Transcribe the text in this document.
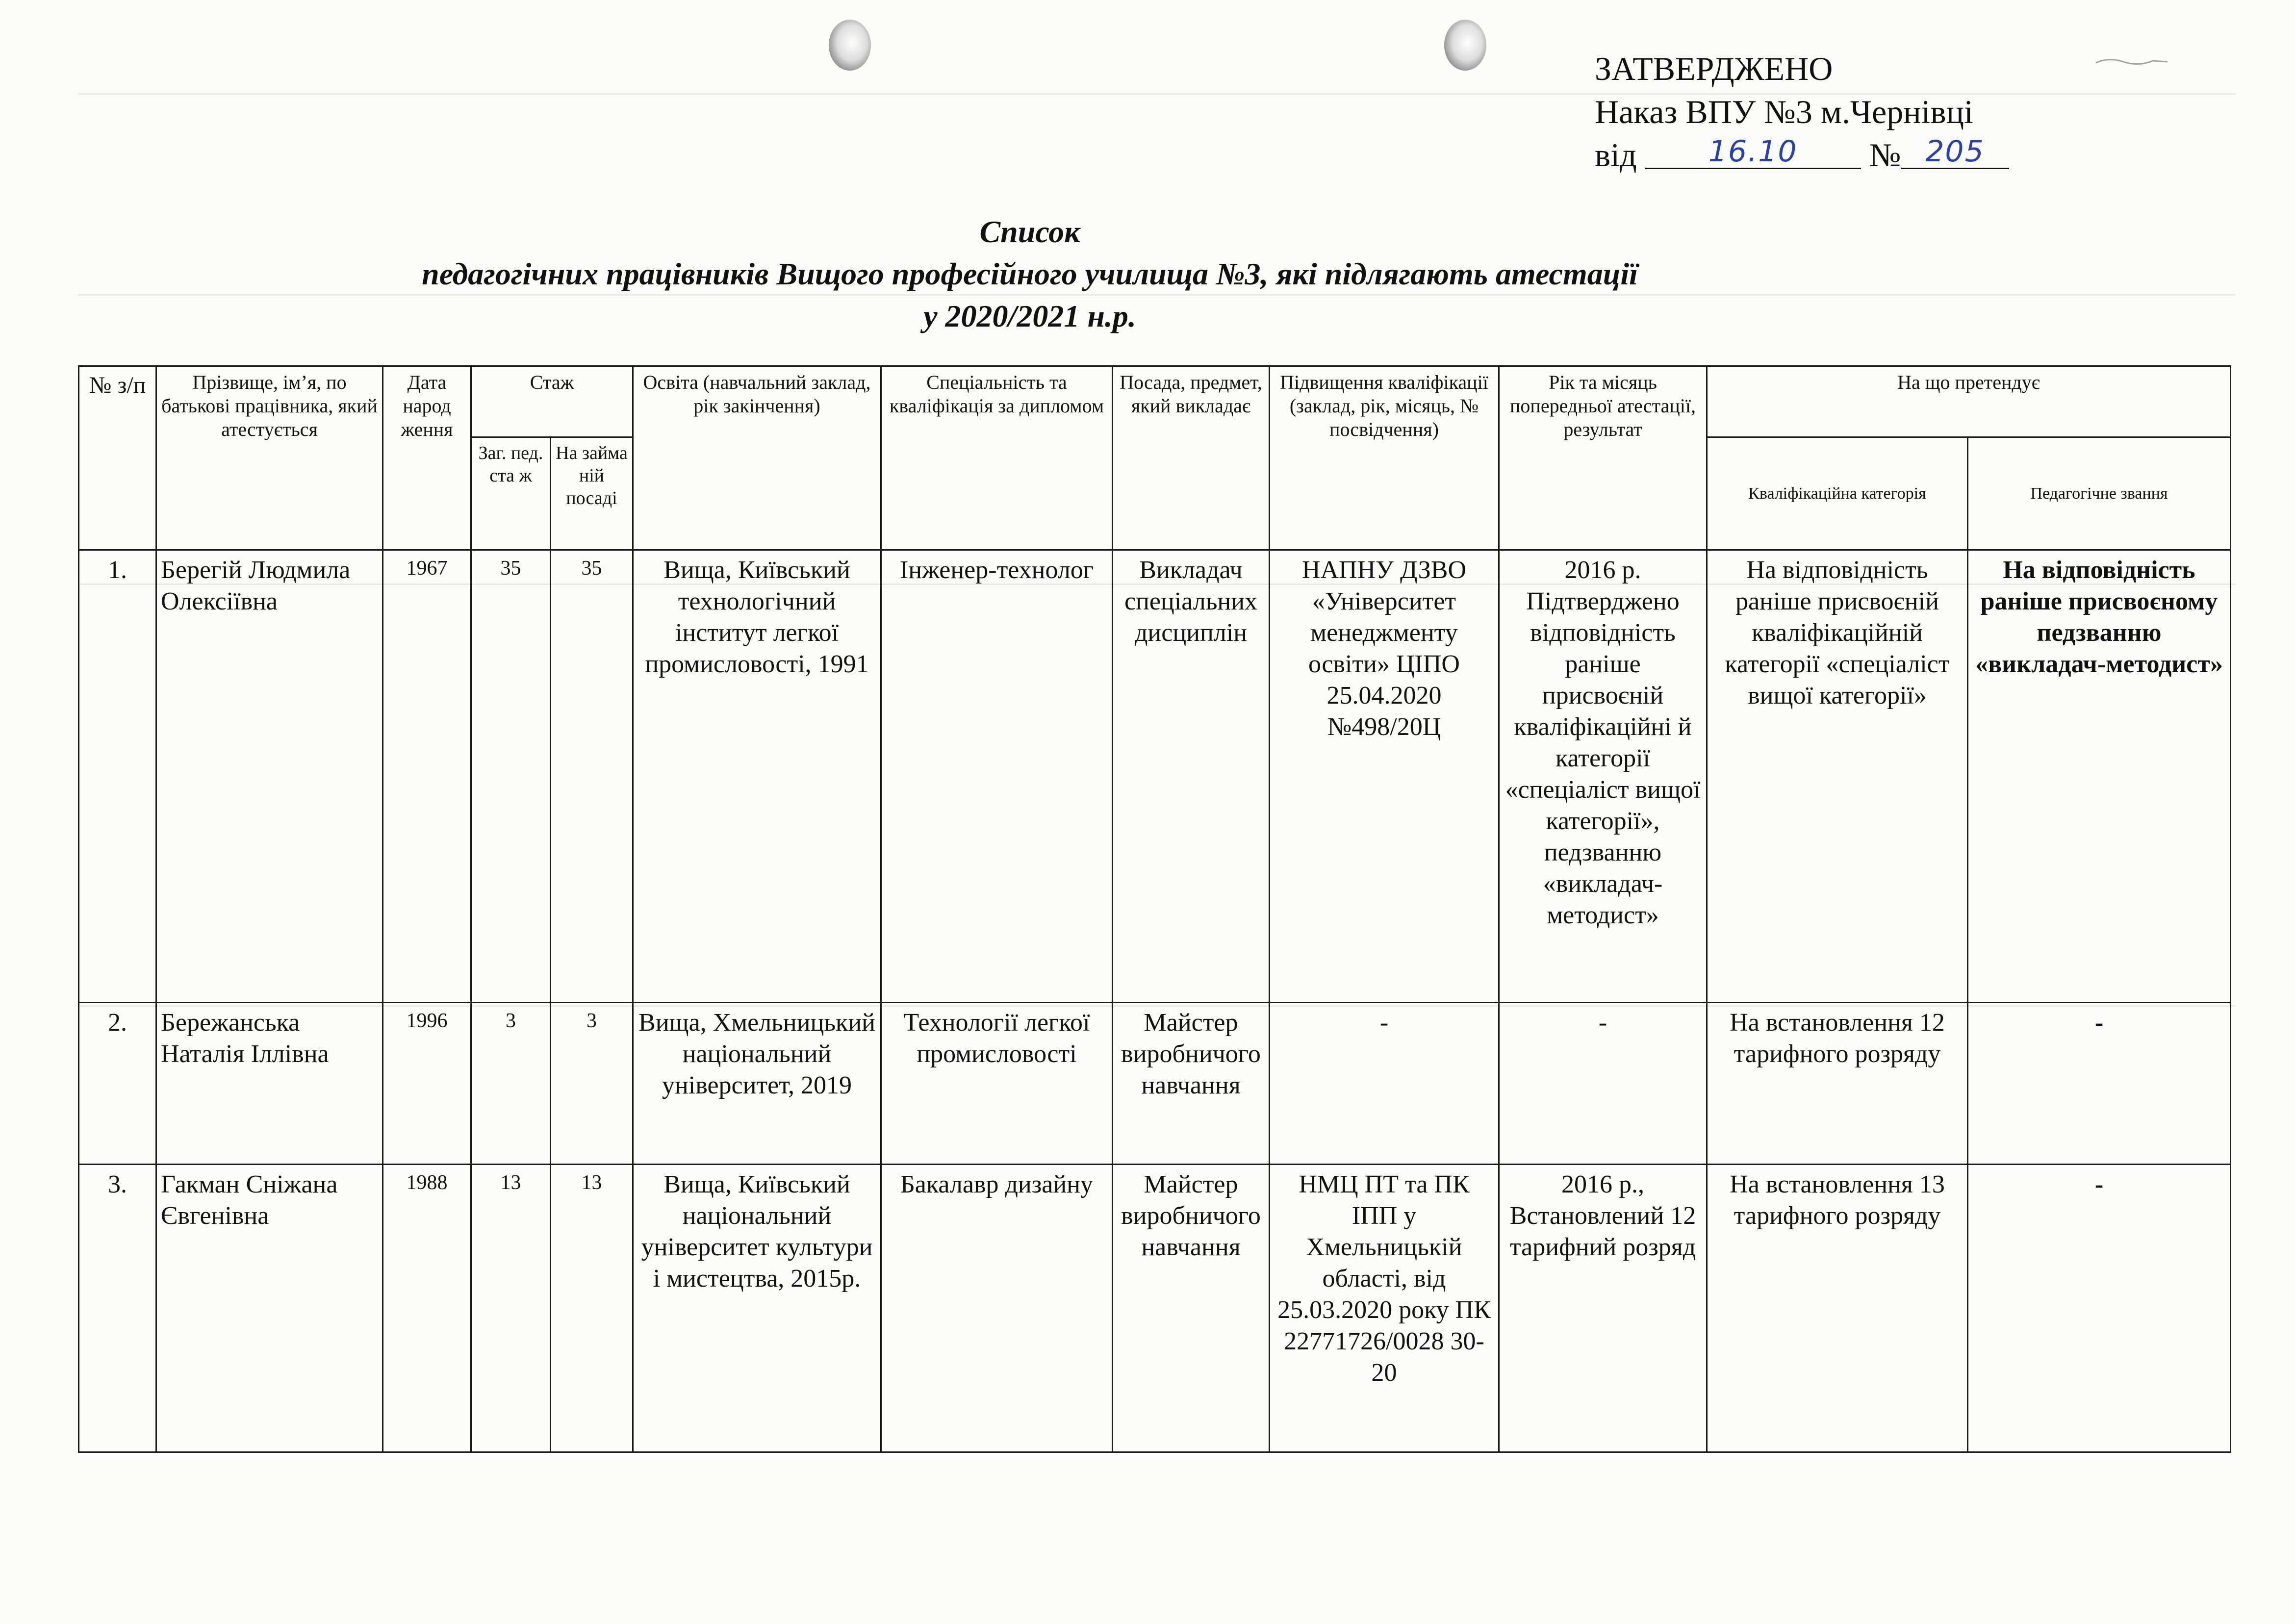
ЗАТВЕРДЖЕНО
Наказ ВПУ №3 м.Чернівці
від 16.10 № 205
Список
педагогічних працівників Вищого професійного училища №3, які підлягають атестації
у 2020/2021 н.р.
№ з/п	Прізвище, ім’я, по батькові працівника, який атестується	Дата народ ження	Стаж		Освіта (навчальний заклад, рік закінчення)	Спеціальність та кваліфікація за дипломом	Посада, предмет, який викладає	Підвищення кваліфікації (заклад, рік, місяць, № посвідчення)	Рік та місяць попередньої атестації, результат	На що претендує	
			Заг. пед. ста ж	На займа ній посаді						Кваліфікаційна категорія	Педагогічне звання
1.	Берегій Людмила Олексіївна	1967	35	35	Вища, Київський технологічний інститут легкої промисловості, 1991	Інженер-технолог	Викладач спеціальних дисциплін	НАПНУ ДЗВО «Університет менеджменту освіти» ЦІПО 25.04.2020 №498/20Ц	2016 р. Підтверджено відповідність раніше присвоєній кваліфікаційні й категорії «спеціаліст вищої категорії», педзванню «викладач-методист»	На відповідність раніше присвоєній кваліфікаційній категорії «спеціаліст вищої категорії»	На відповідність раніше присвоєному педзванню «викладач-методист»
2.	Бережанська Наталія Іллівна	1996	3	3	Вища, Хмельницький національний університет, 2019	Технології легкої промисловості	Майстер виробничого навчання	-	-	На встановлення 12 тарифного розряду	-
3.	Гакман Сніжана Євгенівна	1988	13	13	Вища, Київський національний університет культури і мистецтва, 2015р.	Бакалавр дизайну	Майстер виробничого навчання	НМЦ ПТ та ПК ІПП у Хмельницькій області, від 25.03.2020 року ПК 22771726/0028 30-20	2016 р., Встановлений 12 тарифний розряд	На встановлення 13 тарифного розряду	-
